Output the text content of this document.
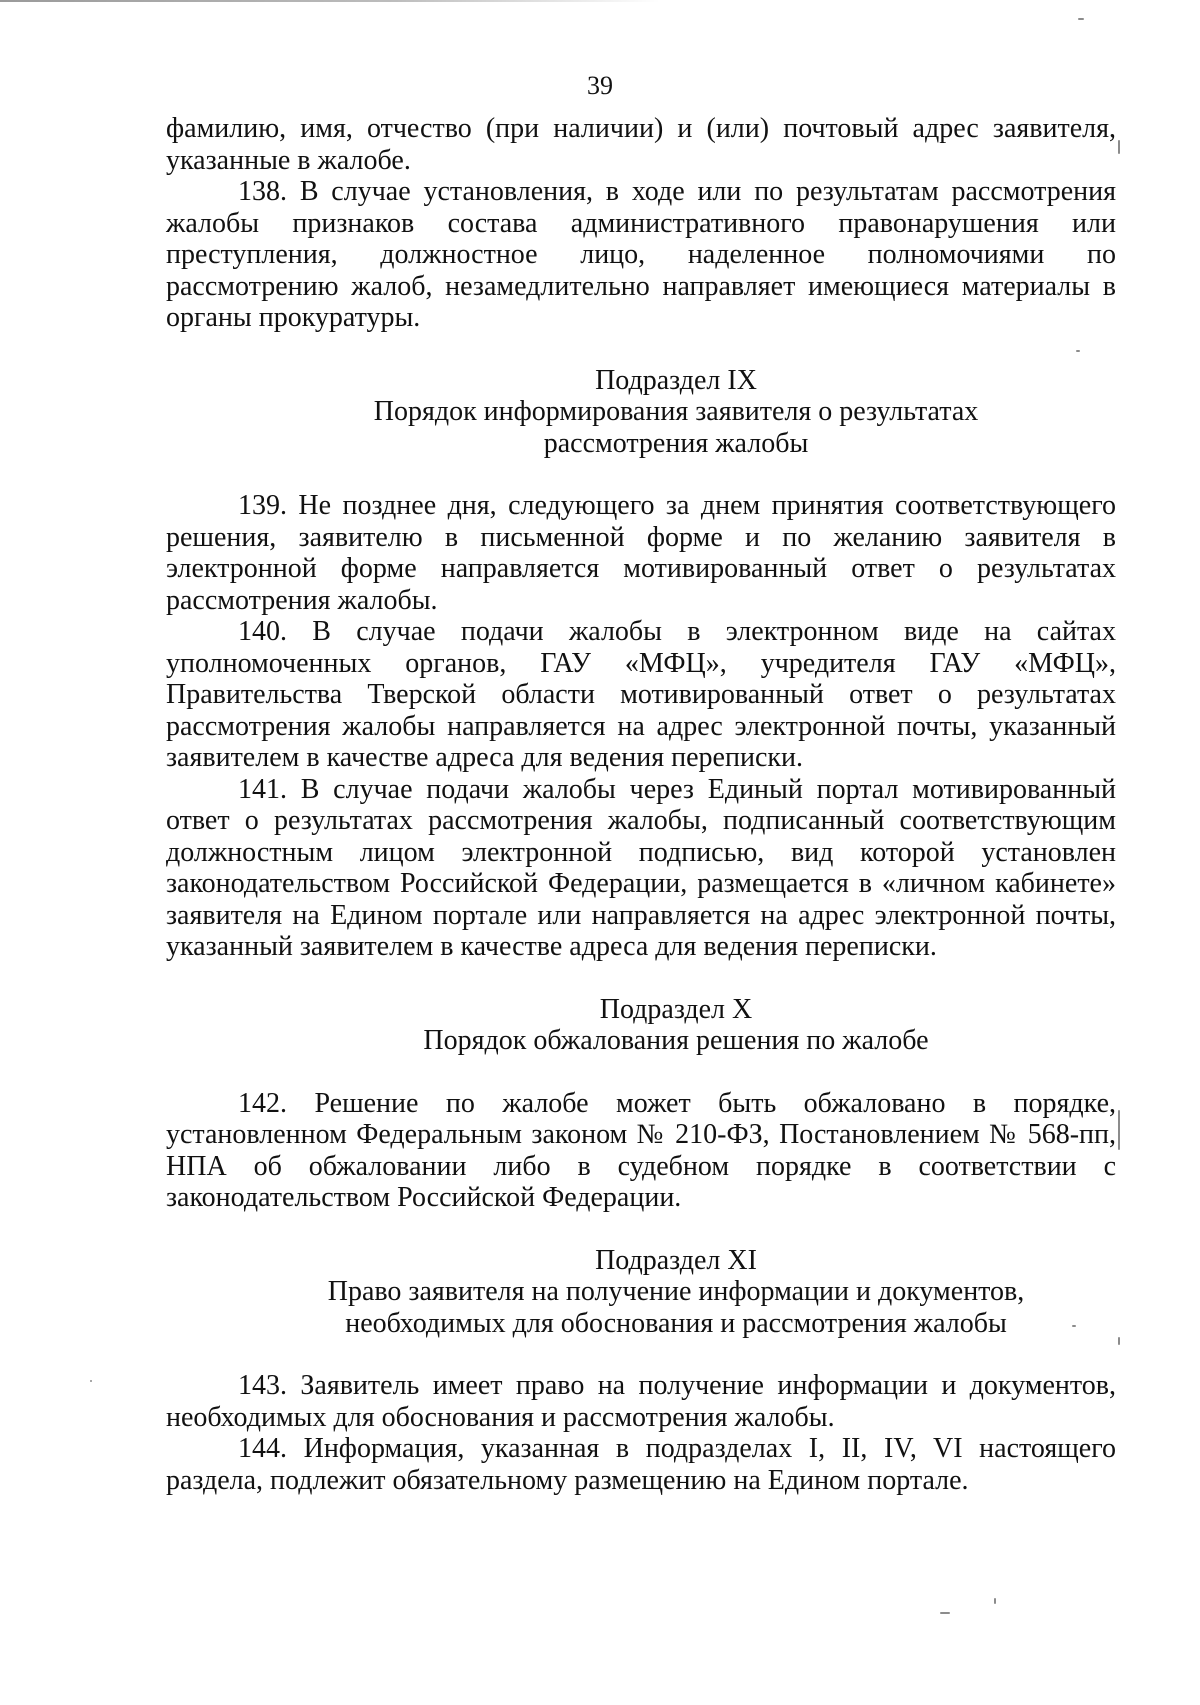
39

фамилию, имя, отчество (при наличии) и (или) почтовый адрес заявителя, указанные в жалобе.

138. В случае установления, в ходе или по результатам рассмотрения жалобы признаков состава административного правонарушения или преступления, должностное лицо, наделенное полномочиями по рассмотрению жалоб, незамедлительно направляет имеющиеся материалы в органы прокуратуры.

Подраздел IX
Порядок информирования заявителя о результатах
рассмотрения жалобы

139. Не позднее дня, следующего за днем принятия соответствующего решения, заявителю в письменной форме и по желанию заявителя в электронной форме направляется мотивированный ответ о результатах рассмотрения жалобы.

140. В случае подачи жалобы в электронном виде на сайтах уполномоченных органов, ГАУ «МФЦ», учредителя ГАУ «МФЦ», Правительства Тверской области мотивированный ответ о результатах рассмотрения жалобы направляется на адрес электронной почты, указанный заявителем в качестве адреса для ведения переписки.

141. В случае подачи жалобы через Единый портал мотивированный ответ о результатах рассмотрения жалобы, подписанный соответствующим должностным лицом электронной подписью, вид которой установлен законодательством Российской Федерации, размещается в «личном кабинете» заявителя на Едином портале или направляется на адрес электронной почты, указанный заявителем в качестве адреса для ведения переписки.

Подраздел X
Порядок обжалования решения по жалобе

142. Решение по жалобе может быть обжаловано в порядке, установленном Федеральным законом № 210-ФЗ, Постановлением № 568-пп, НПА об обжаловании либо в судебном порядке в соответствии с законодательством Российской Федерации.

Подраздел XI
Право заявителя на получение информации и документов,
необходимых для обоснования и рассмотрения жалобы

143. Заявитель имеет право на получение информации и документов, необходимых для обоснования и рассмотрения жалобы.

144. Информация, указанная в подразделах I, II, IV, VI настоящего раздела, подлежит обязательному размещению на Едином портале.
